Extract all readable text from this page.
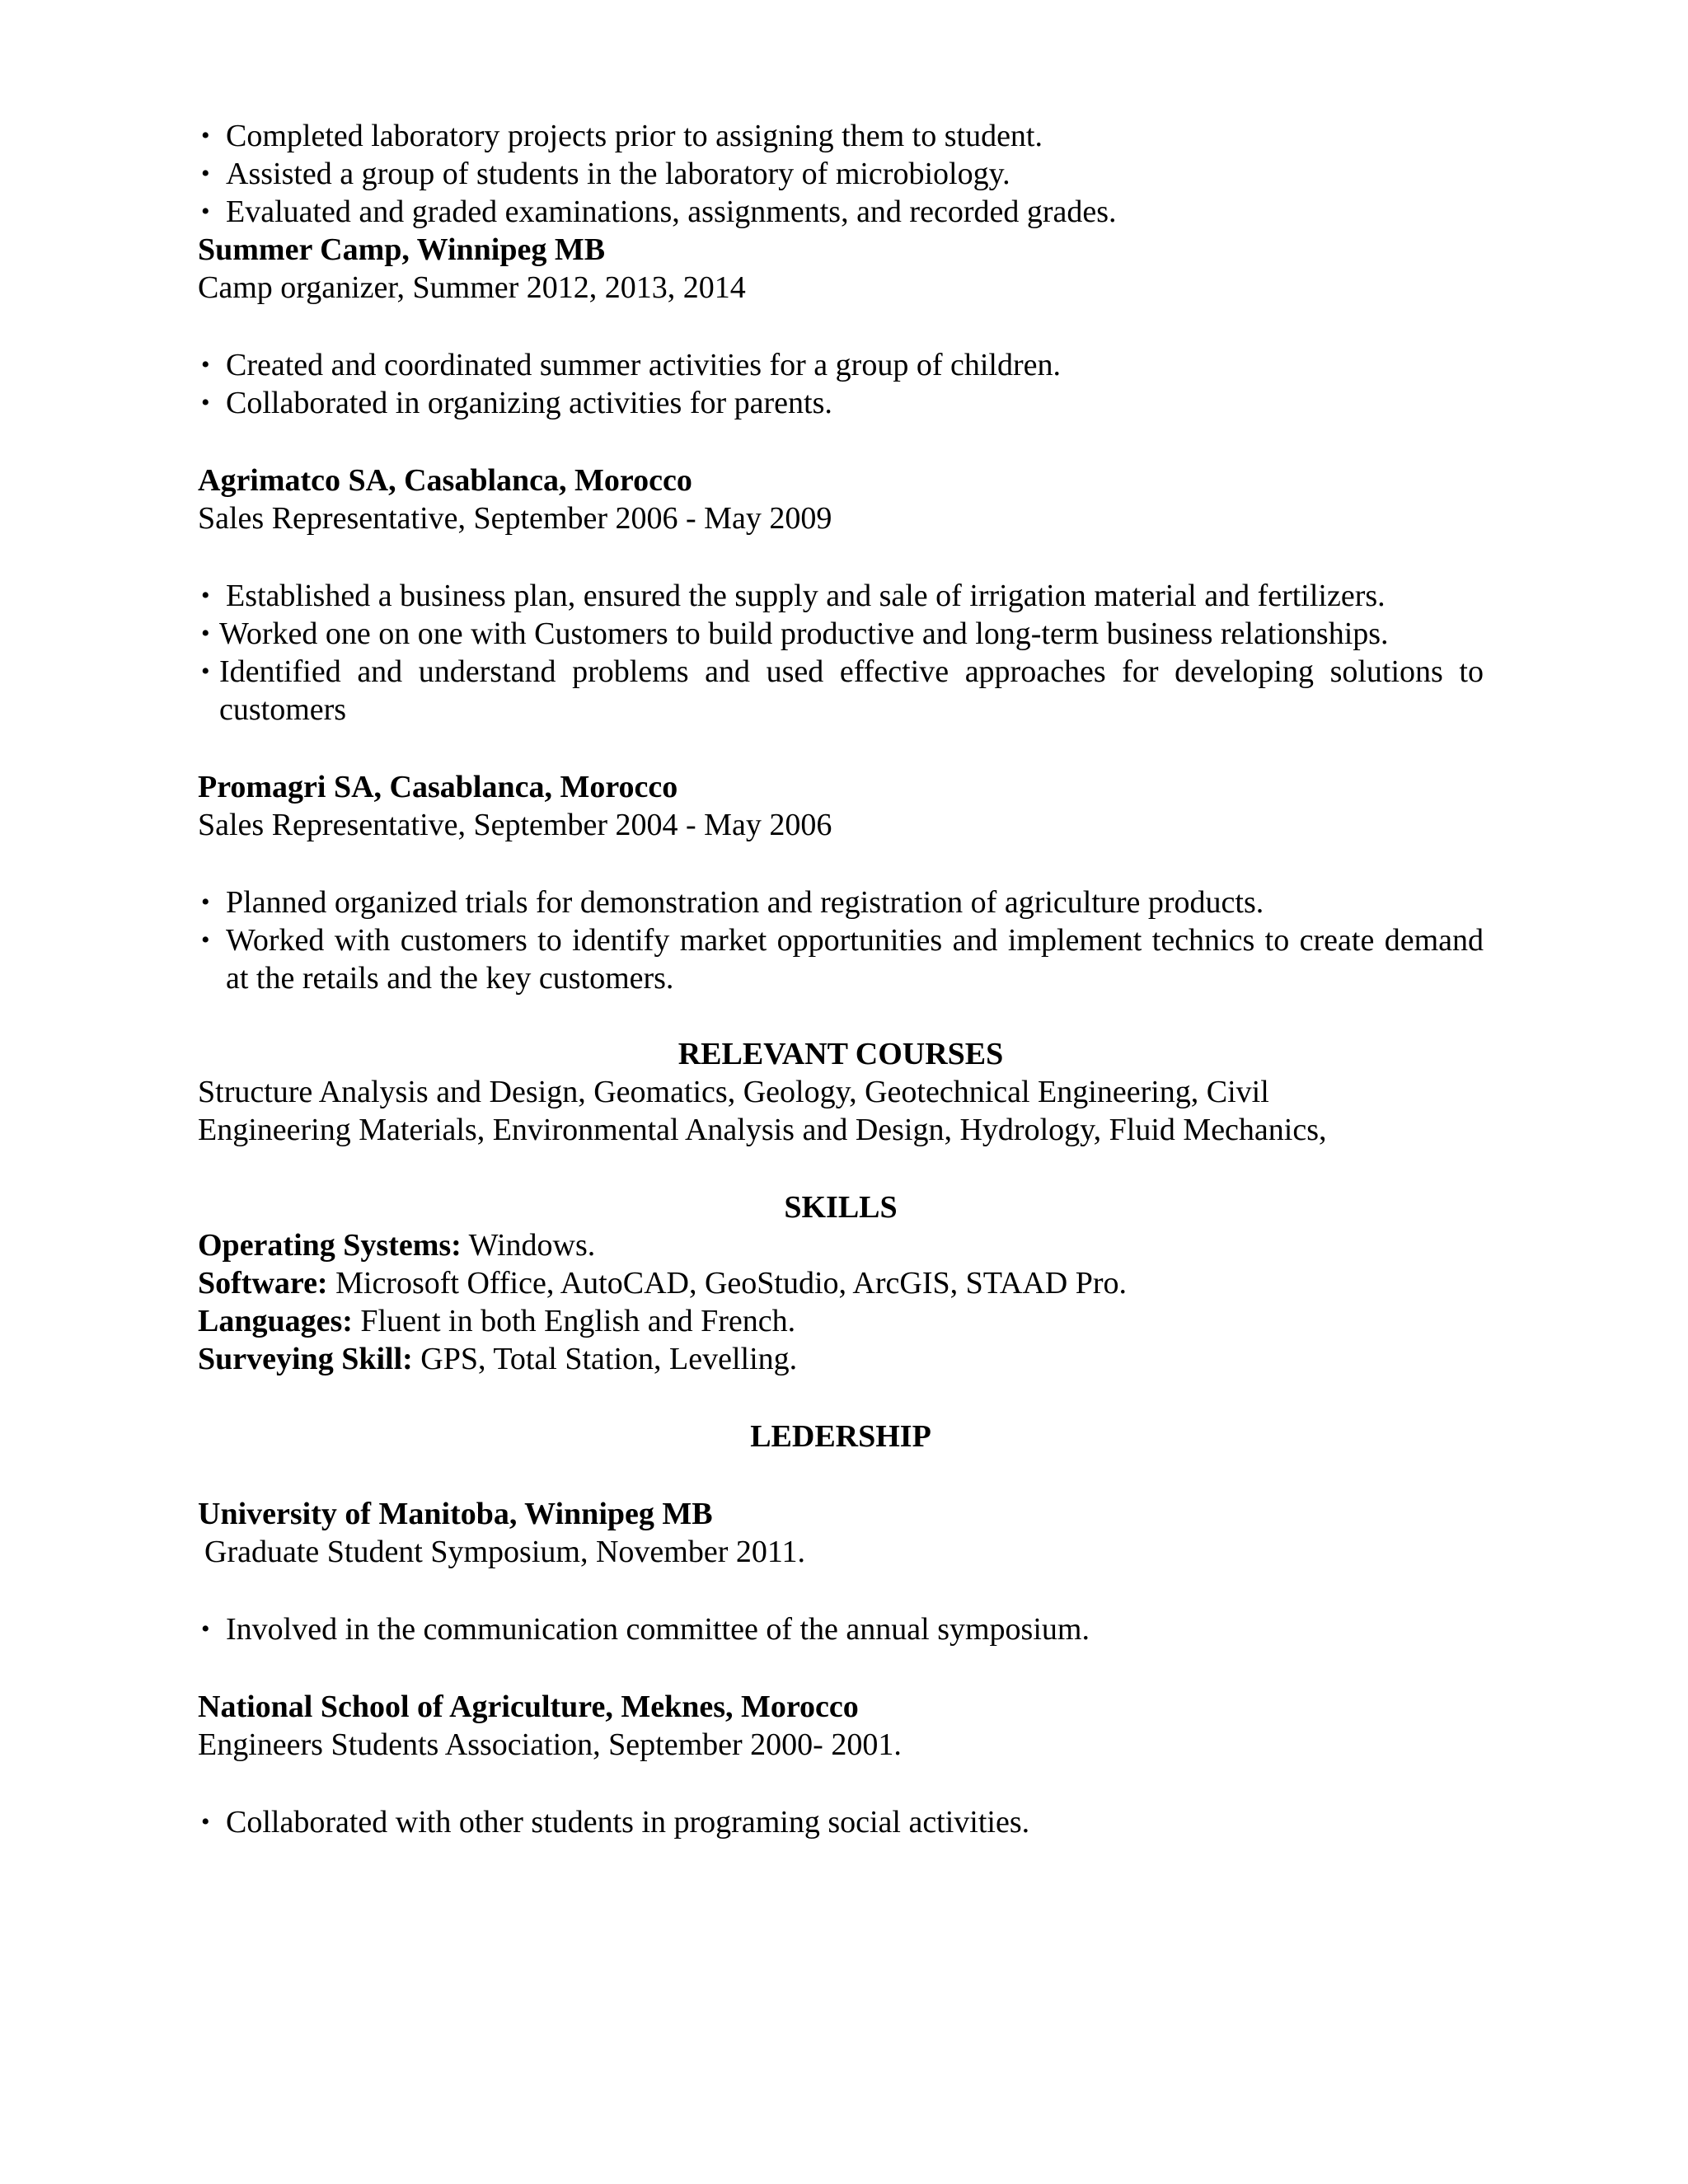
• Completed laboratory projects prior to assigning them to student.
• Assisted a group of students in the laboratory of microbiology.
• Evaluated and graded examinations, assignments, and recorded grades.
Summer Camp, Winnipeg MB
Camp organizer, Summer 2012, 2013, 2014
• Created and coordinated summer activities for a group of children.
• Collaborated in organizing activities for parents.
Agrimatco SA, Casablanca, Morocco
Sales Representative, September 2006 - May 2009
• Established a business plan, ensured the supply and sale of irrigation material and fertilizers.
• Worked one on one with Customers to build productive and long-term business relationships.
• Identified and understand problems and used effective approaches for developing solutions to customers
Promagri SA, Casablanca, Morocco
Sales Representative, September 2004 - May 2006
• Planned organized trials for demonstration and registration of agriculture products.
• Worked with customers to identify market opportunities and implement technics to create demand at the retails and the key customers.
RELEVANT COURSES
Structure Analysis and Design, Geomatics, Geology, Geotechnical Engineering, Civil
Engineering Materials, Environmental Analysis and Design, Hydrology, Fluid Mechanics,
SKILLS
Operating Systems: Windows.
Software: Microsoft Office, AutoCAD, GeoStudio, ArcGIS, STAAD Pro.
Languages: Fluent in both English and French.
Surveying Skill: GPS, Total Station, Levelling.
LEDERSHIP
University of Manitoba, Winnipeg MB
Graduate Student Symposium, November 2011.
• Involved in the communication committee of the annual symposium.
National School of Agriculture, Meknes, Morocco
Engineers Students Association, September 2000- 2001.
• Collaborated with other students in programing social activities.
